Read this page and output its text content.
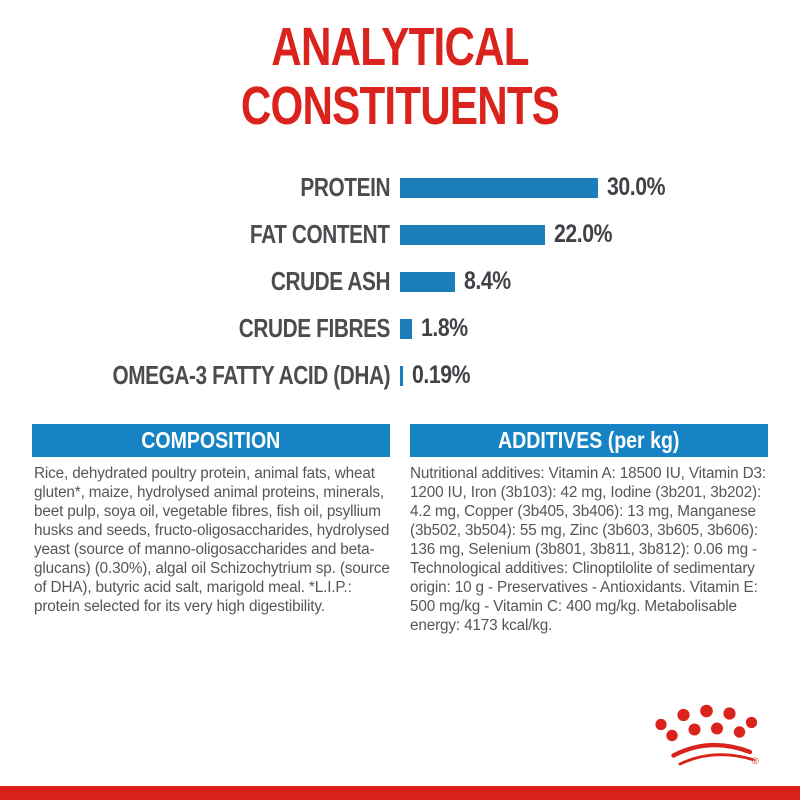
ANALYTICAL
CONSTITUENTS
PROTEIN	30.0%
FAT CONTENT	22.0%
CRUDE ASH	8.4%
CRUDE FIBRES	1.8%
OMEGA-3 FATTY ACID (DHA) 0.19%
COMPOSITION	ADDITIVES (per kg)
Rice, dehydrated poultry protein, animal fats, wheat gluten*, maize, hydrolysed animal proteins, minerals, beet pulp, soya oil, vegetable fibres, fish oil, psyllium husks and seeds, fructo-oligosaccharides, hydrolysed yeast (source of manno-oligosaccharides and beta-glucans) (0.30%), algal oil Schizochytrium sp. (source of DHA), butyric acid salt, marigold meal. *L.I.P.: protein selected for its very high digestibility.
Nutritional additives: Vitamin A: 18500 IU, Vitamin D3: 1200 IU, Iron (3b103): 42 mg, Iodine (3b201, 3b202): 4.2 mg, Copper (3b405, 3b406): 13 mg, Manganese (3b502, 3b504): 55 mg, Zinc (3b603, 3b605, 3b606): 136 mg, Selenium (3b801, 3b811, 3b812): 0.06 mg - Technological additives: Clinoptilolite of sedimentary origin: 10 g - Preservatives - Antioxidants. Vitamin E: 500 mg/kg - Vitamin C: 400 mg/kg. Metabolisable energy: 4173 kcal/kg.
®
